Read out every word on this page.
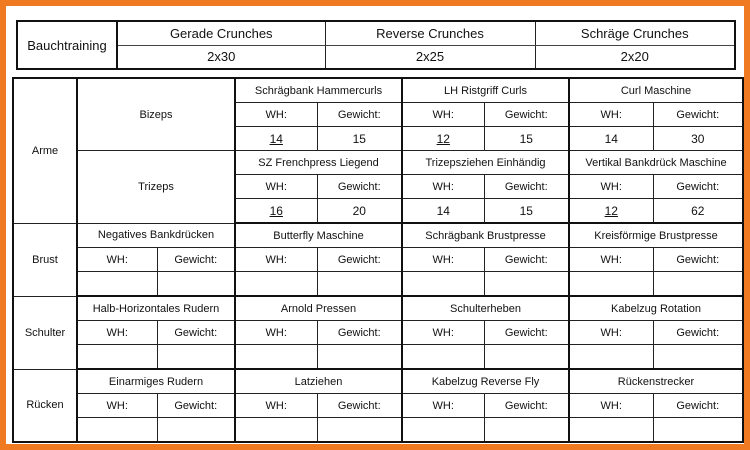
Bauchtraining	Gerade Crunches	Reverse Crunches	Schräge Crunches
	2x30	2x25	2x20
Arme	Bizeps		Schrägbank Hammercurls		LH Ristgriff Curls		Curl Maschine	
			WH:	Gewicht:	WH:	Gewicht:	WH:	Gewicht:
			14	15	12	15	14	30
	Trizeps		SZ Frenchpress Liegend		Trizepsziehen Einhändig		Vertikal Bankdrück Maschine	
			WH:	Gewicht:	WH:	Gewicht:	WH:	Gewicht:
			16	20	14	15	12	62
Brust	Negatives Bankdrücken		Butterfly Maschine		Schrägbank Brustpresse		Kreisförmige Brustpresse	
	WH:	Gewicht:	WH:	Gewicht:	WH:	Gewicht:	WH:	Gewicht:

Schulter	Halb-Horizontales Rudern		Arnold Pressen		Schulterheben		Kabelzug Rotation	
	WH:	Gewicht:	WH:	Gewicht:	WH:	Gewicht:	WH:	Gewicht:

Rücken	Einarmiges Rudern		Latziehen		Kabelzug Reverse Fly		Rückenstrecker	
	WH:	Gewicht:	WH:	Gewicht:	WH:	Gewicht:	WH:	Gewicht:
